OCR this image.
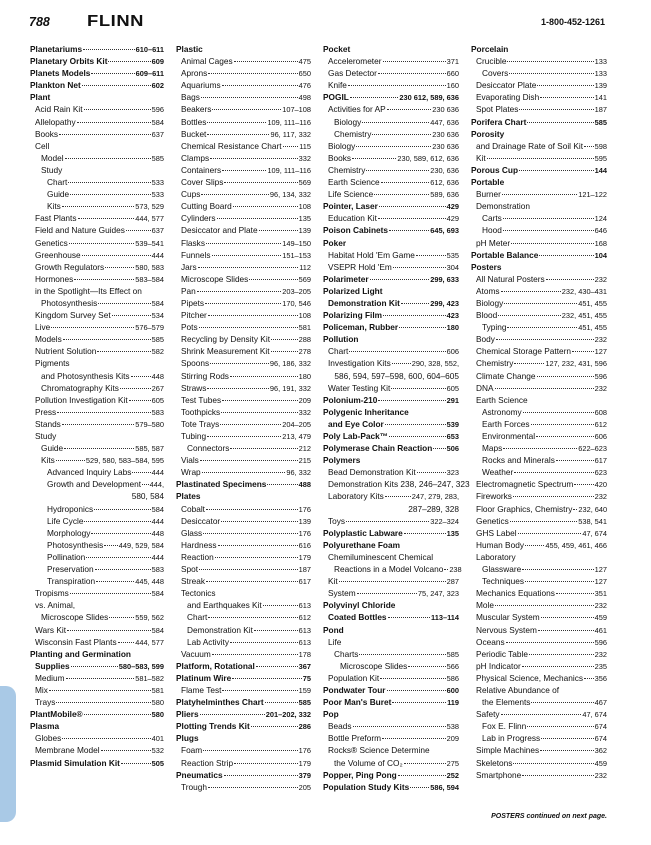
788 FLINN	1-800-452-1261
Planetariums	610–611
Planetary Orbits Kit	609
Planets Models	609–611
Plankton Net	602
Plant
Acid Rain Kit	596
Allelopathy	584
Books	637
Cell
Model	585
Study
Chart	533
Guide	533
Kits	573, 529
Fast Plants	444, 577
Field and Nature Guides	637
Genetics	539–541
Greenhouse	444
Growth Regulators	580, 583
Hormones	583–584
in the Spotlight—Its Effect on
Photosynthesis	584
Kingdom Survey Set	534
Live	576–579
Models	585
Nutrient Solution	582
Pigments
and Photosynthesis Kits	448
Chromatography Kits	267
Pollution Investigation Kit	605
Press	583
Stands	579–580
Study
Guide	585, 587
Kits	529, 580, 583–584, 595
Advanced Inquiry Labs	444
Growth and Development 444,
580, 584
Hydroponics	584
Life Cycle	444
Morphology	448
Photosynthesis 449, 529, 584
Pollination	444
Preservation	583
Transpiration	445, 448
Tropisms	584
vs. Animal,
Microscope Slides	559, 562
Wars Kit	584
Wisconsin Fast Plants	444, 577
Planting and Germination
Supplies	580–583, 599
Medium	581–582
Mix	581
Trays	580
PlantMobile®	580
Plasma
Globes	401
Membrane Model	532
Plasmid Simulation Kit	505
Plastic
Animal Cages	475
Aprons	650
Aquariums	476
Bags	498
Beakers	107–108
Bottles	109, 111–116
Bucket	96, 117, 332
Chemical Resistance Chart 115
Clamps	332
Containers	109, 111–116
Cover Slips	569
Cups	96, 134, 332
Cutting Board	108
Cylinders	135
Desiccator and Plate	139
Flasks	149–150
Funnels	151–153
Jars	112
Microscope Slides	569
Pan	203–205
Pipets	170, 546
Pitcher	108
Pots	581
Recycling by Density Kit	288
Shrink Measurement Kit	278
Spoons	96, 186, 332
Stirring Rods	180
Straws	96, 191, 332
Test Tubes	209
Toothpicks	332
Tote Trays	204–205
Tubing	213, 479
Connectors	212
Vials	215
Wrap	96, 332
Plastinated Specimens	488
Plates
Cobalt	176
Desiccator	139
Glass	176
Hardness	616
Reaction	179
Spot	187
Streak	617
Tectonics
and Earthquakes Kit	613
Chart	612
Demonstration Kit	613
Lab Activity	613
Vacuum	178
Platform, Rotational	367
Platinum Wire	75
Flame Test	159
Platyhelminthes Chart	585
Pliers	201–202, 332
Plotting Trends Kit	286
Plugs
Foam	176
Reaction Strip	179
Pneumatics	379
Trough	205
Pocket
Accelerometer	371
Gas Detector	660
Knife	160
POGIL	230 612, 589, 636
Activities for AP	230 636
Biology	447, 636
Chemistry	230 636
Biology	230 636
Books	230, 589, 612, 636
Chemistry	230, 636
Earth Science	612, 636
Life Science	589, 636
Pointer, Laser	429
Education Kit	429
Poison Cabinets	645, 693
Poker
Habitat Hold 'Em Game	535
VSEPR Hold 'Em	304
Polarimeter	299, 633
Polarized Light
Demonstration Kit	299, 423
Polarizing Film	423
Policeman, Rubber	180
Pollution
Chart	606
Investigation Kits	290, 328, 552,
586, 594, 597–598, 600, 604–605
Water Testing Kit	605
Polonium-210	291
Polygenic Inheritance
and Eye Color	539
Poly Lab-Pack™	653
Polymerase Chain Reaction 506
Polymers
Bead Demonstration Kit	323
Demonstration Kits 238, 246–247, 323
Laboratory Kits	247, 279, 283,
287–289, 328
Toys	322–324
Polyplastic Labware	135
Polyurethane Foam
Chemiluminescent Chemical
Reactions in a Model Volcano 238
Kit	287
System	75, 247, 323
Polyvinyl Chloride
Coated Bottles	113–114
Pond
Life
Charts	585
Microscope Slides	566
Population Kit	586
Pondwater Tour	600
Poor Man's Buret	119
Pop
Beads	538
Bottle Preform	209
Rocks® Science Determine
the Volume of CO₂	275
Popper, Ping Pong	252
Population Study Kits	586, 594
Porcelain
Crucible	133
Covers	133
Desiccator Plate	139
Evaporating Dish	141
Spot Plates	187
Porifera Chart	585
Porosity
and Drainage Rate of Soil Kit 598
Kit	595
Porous Cup	144
Portable
Burner	121–122
Demonstration
Carts	124
Hood	646
pH Meter	168
Portable Balance	104
Posters
All Natural Posters	232
Atoms	232, 430–431
Biology	451, 455
Blood	232, 451, 455
Typing	451, 455
Body	232
Chemical Storage Pattern	127
Chemistry	127, 232, 431, 596
Climate Change	596
DNA	232
Earth Science
Astronomy	608
Earth Forces	612
Environmental	606
Maps	622–623
Rocks and Minerals	617
Weather	623
Electromagnetic Spectrum	420
Fireworks	232
Floor Graphics, Chemistry 232, 640
Genetics	538, 541
GHS Label	47, 674
Human Body	455, 459, 461, 466
Laboratory
Glassware	127
Techniques	127
Mechanics Equations	351
Mole	232
Muscular System	459
Nervous System	461
Oceans	596
Periodic Table	232
pH Indicator	235
Physical Science, Mechanics 356
Relative Abundance of
the Elements	467
Safety	47, 674
Fox E. Flinn	674
Lab in Progress	674
Simple Machines	362
Skeletons	459
Smartphone	232
POSTERS continued on next page.
